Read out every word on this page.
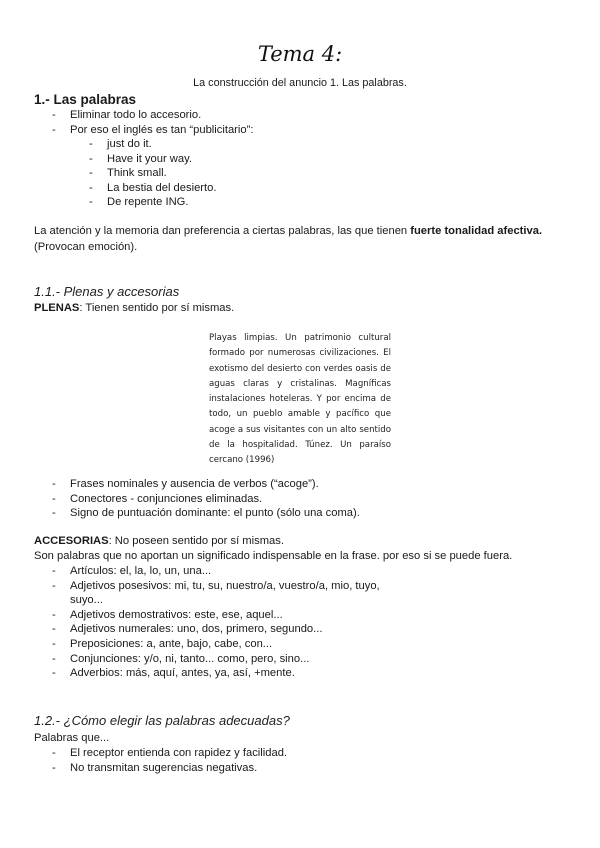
Tema 4:
La construcción del anuncio 1. Las palabras.
1.- Las palabras
- Eliminar todo lo accesorio.
- Por eso el inglés es tan “publicitario”:
- just do it.
- Have it your way.
- Think small.
- La bestia del desierto.
- De repente ING.
La atención y la memoria dan preferencia a ciertas palabras, las que tienen fuerte tonalidad afectiva.
(Provocan emoción).
1.1.- Plenas y accesorias
PLENAS: Tienen sentido por sí mismas.
Playas limpias. Un patrimonio cultural formado por numerosas civilizaciones. El exotismo del desierto con verdes oasis de aguas claras y cristalinas. Magníficas instalaciones hoteleras. Y por encima de todo, un pueblo amable y pacífico que acoge a sus visitantes con un alto sentido de la hospitalidad. Túnez. Un paraíso cercano (1996)
- Frases nominales y ausencia de verbos (“acoge”).
- Conectores - conjunciones eliminadas.
- Signo de puntuación dominante: el punto (sólo una coma).
ACCESORIAS: No poseen sentido por sí mismas.
Son palabras que no aportan un significado indispensable en la frase. por eso si se puede fuera.
- Artículos: el, la, lo, un, una...
- Adjetivos posesivos: mi, tu, su, nuestro/a, vuestro/a, mio, tuyo,
suyo...
- Adjetivos demostrativos: este, ese, aquel...
- Adjetivos numerales: uno, dos, primero, segundo...
- Preposiciones: a, ante, bajo, cabe, con...
- Conjunciones: y/o, ni, tanto... como, pero, sino...
- Adverbios: más, aquí, antes, ya, así, +mente.
1.2.- ¿Cómo elegir las palabras adecuadas?
Palabras que...
- El receptor entienda con rapidez y facilidad.
- No transmitan sugerencias negativas.
